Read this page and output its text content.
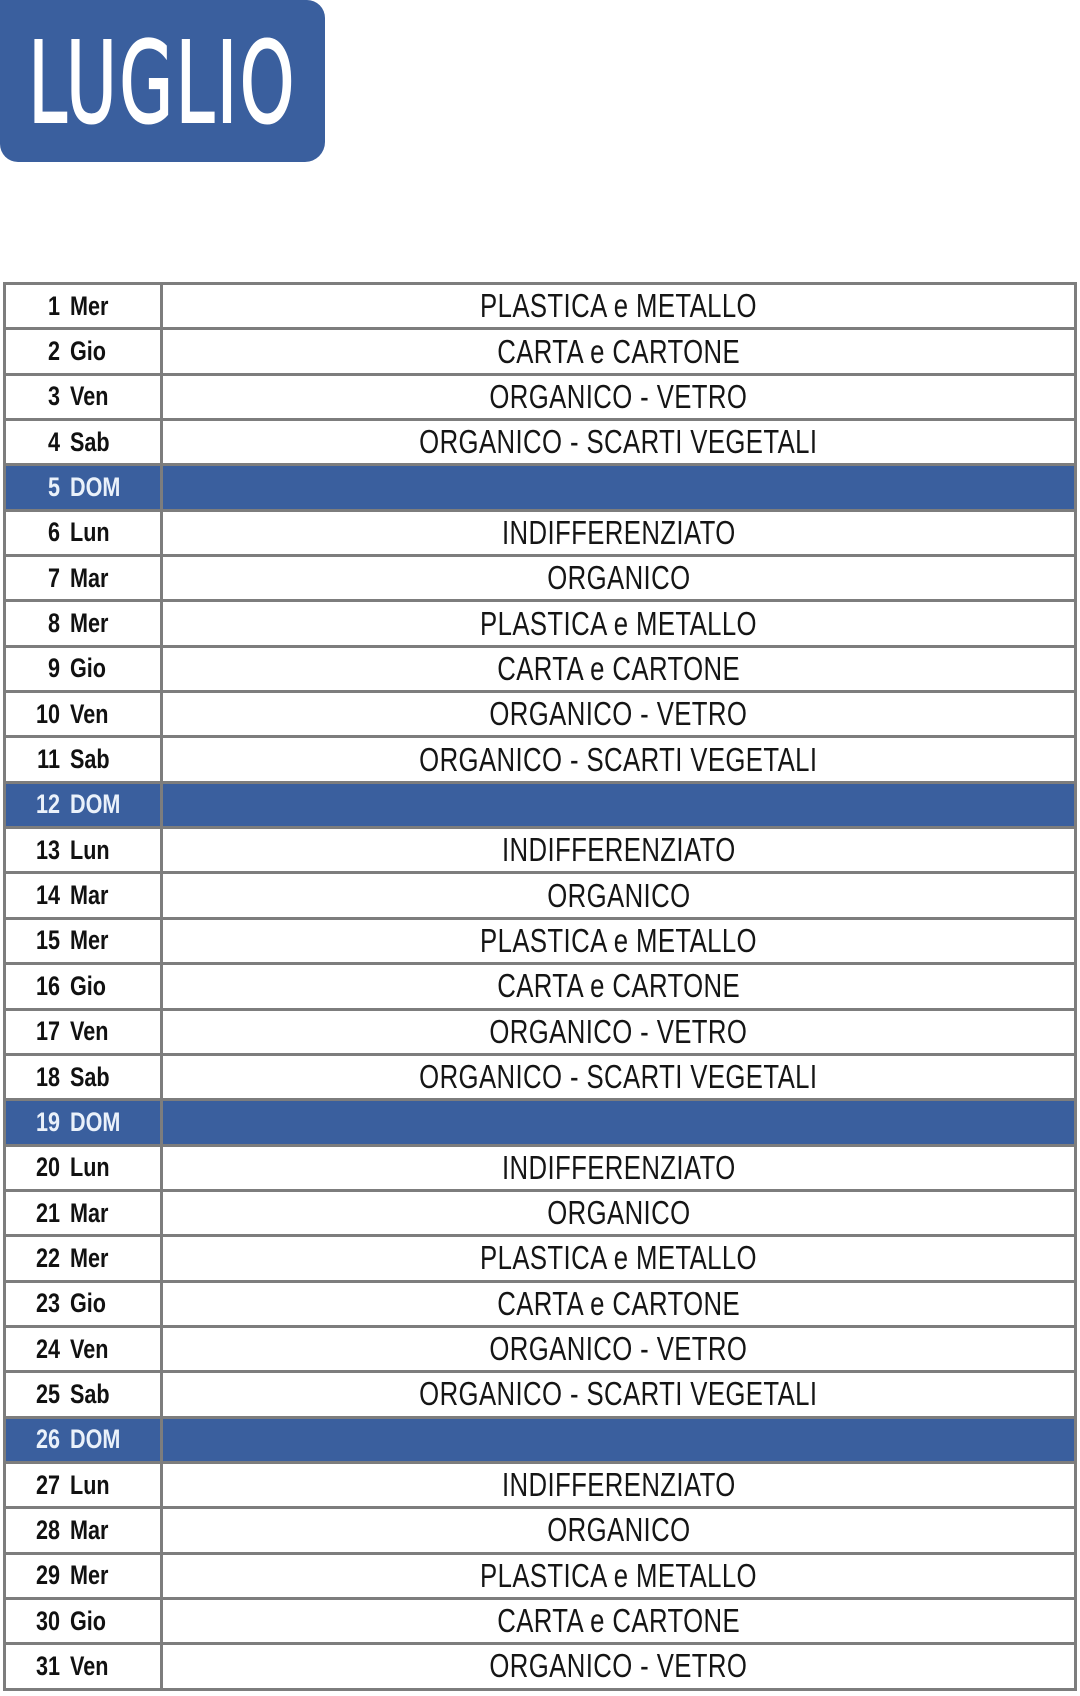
LUGLIO
1 Mer	PLASTICA e METALLO

2 Gio	CARTA e CARTONE

3 Ven	ORGANICO - VETRO

4 Sab	ORGANICO - SCARTI VEGETALI

5 DOM	

6 Lun	INDIFFERENZIATO

7 Mar	ORGANICO

8 Mer	PLASTICA e METALLO

9 Gio	CARTA e CARTONE

10 Ven	ORGANICO - VETRO

11 Sab	ORGANICO - SCARTI VEGETALI

12 DOM	

13 Lun	INDIFFERENZIATO

14 Mar	ORGANICO

15 Mer	PLASTICA e METALLO

16 Gio	CARTA e CARTONE

17 Ven	ORGANICO - VETRO

18 Sab	ORGANICO - SCARTI VEGETALI

19 DOM	

20 Lun	INDIFFERENZIATO

21 Mar	ORGANICO

22 Mer	PLASTICA e METALLO

23 Gio	CARTA e CARTONE

24 Ven	ORGANICO - VETRO

25 Sab	ORGANICO - SCARTI VEGETALI

26 DOM	

27 Lun	INDIFFERENZIATO

28 Mar	ORGANICO

29 Mer	PLASTICA e METALLO

30 Gio	CARTA e CARTONE

31 Ven	ORGANICO - VETRO
